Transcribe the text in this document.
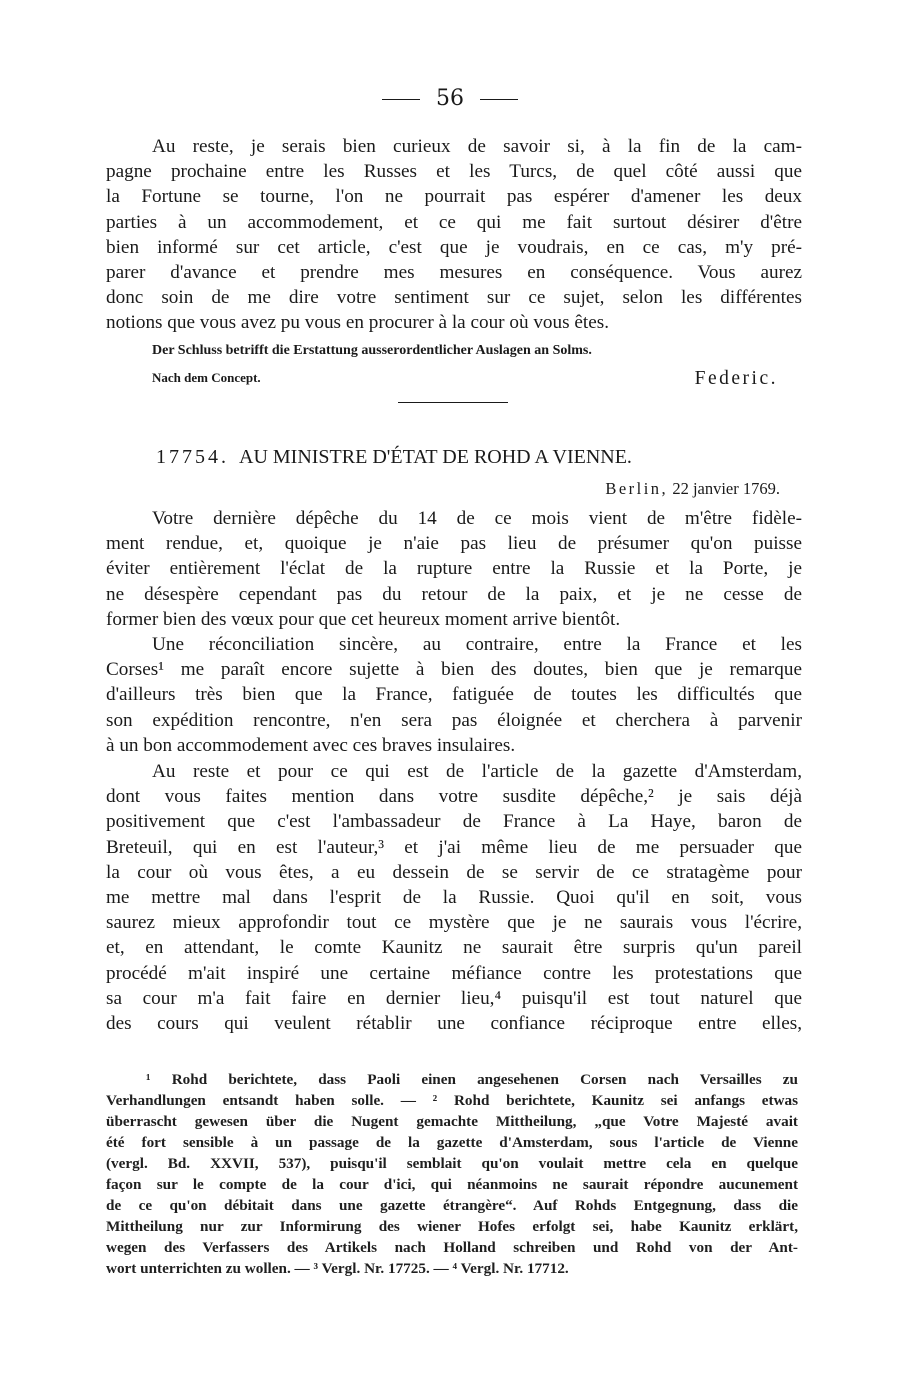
56

Au reste, je serais bien curieux de savoir si, à la fin de la cam-
pagne prochaine entre les Russes et les Turcs, de quel côté aussi que
la Fortune se tourne, l'on ne pourrait pas espérer d'amener les deux
parties à un accommodement, et ce qui me fait surtout désirer d'être
bien informé sur cet article, c'est que je voudrais, en ce cas, m'y pré-
parer d'avance et prendre mes mesures en conséquence. Vous aurez
donc soin de me dire votre sentiment sur ce sujet, selon les différentes
notions que vous avez pu vous en procurer à la cour où vous êtes.

Der Schluss betrifft die Erstattung ausserordentlicher Auslagen an Solms.
Nach dem Concept.	Federic.
17754. AU MINISTRE D'ÉTAT DE ROHD A VIENNE.
Berlin, 22 janvier 1769.

Votre dernière dépêche du 14 de ce mois vient de m'être fidèle-
ment rendue, et, quoique je n'aie pas lieu de présumer qu'on puisse
éviter entièrement l'éclat de la rupture entre la Russie et la Porte, je
ne désespère cependant pas du retour de la paix, et je ne cesse de
former bien des vœux pour que cet heureux moment arrive bientôt.

Une réconciliation sincère, au contraire, entre la France et les
Corses¹ me paraît encore sujette à bien des doutes, bien que je remarque
d'ailleurs très bien que la France, fatiguée de toutes les difficultés que
son expédition rencontre, n'en sera pas éloignée et cherchera à parvenir
à un bon accommodement avec ces braves insulaires.

Au reste et pour ce qui est de l'article de la gazette d'Amsterdam,
dont vous faites mention dans votre susdite dépêche,² je sais déjà
positivement que c'est l'ambassadeur de France à La Haye, baron de
Breteuil, qui en est l'auteur,³ et j'ai même lieu de me persuader que
la cour où vous êtes, a eu dessein de se servir de ce stratagème pour
me mettre mal dans l'esprit de la Russie. Quoi qu'il en soit, vous
saurez mieux approfondir tout ce mystère que je ne saurais vous l'écrire,
et, en attendant, le comte Kaunitz ne saurait être surpris qu'un pareil
procédé m'ait inspiré une certaine méfiance contre les protestations que
sa cour m'a fait faire en dernier lieu,⁴ puisqu'il est tout naturel que
des cours qui veulent rétablir une confiance réciproque entre elles,

¹ Rohd berichtete, dass Paoli einen angesehenen Corsen nach Versailles zu
Verhandlungen entsandt haben solle. — ² Rohd berichtete, Kaunitz sei anfangs etwas
überrascht gewesen über die Nugent gemachte Mittheilung, „que Votre Majesté avait
été fort sensible à un passage de la gazette d'Amsterdam, sous l'article de Vienne
(vergl. Bd. XXVII, 537), puisqu'il semblait qu'on voulait mettre cela en quelque
façon sur le compte de la cour d'ici, qui néanmoins ne saurait répondre aucunement
de ce qu'on débitait dans une gazette étrangère“. Auf Rohds Entgegnung, dass die
Mittheilung nur zur Informirung des wiener Hofes erfolgt sei, habe Kaunitz erklärt,
wegen des Verfassers des Artikels nach Holland schreiben und Rohd von der Ant-
wort unterrichten zu wollen. — ³ Vergl. Nr. 17725. — ⁴ Vergl. Nr. 17712.
